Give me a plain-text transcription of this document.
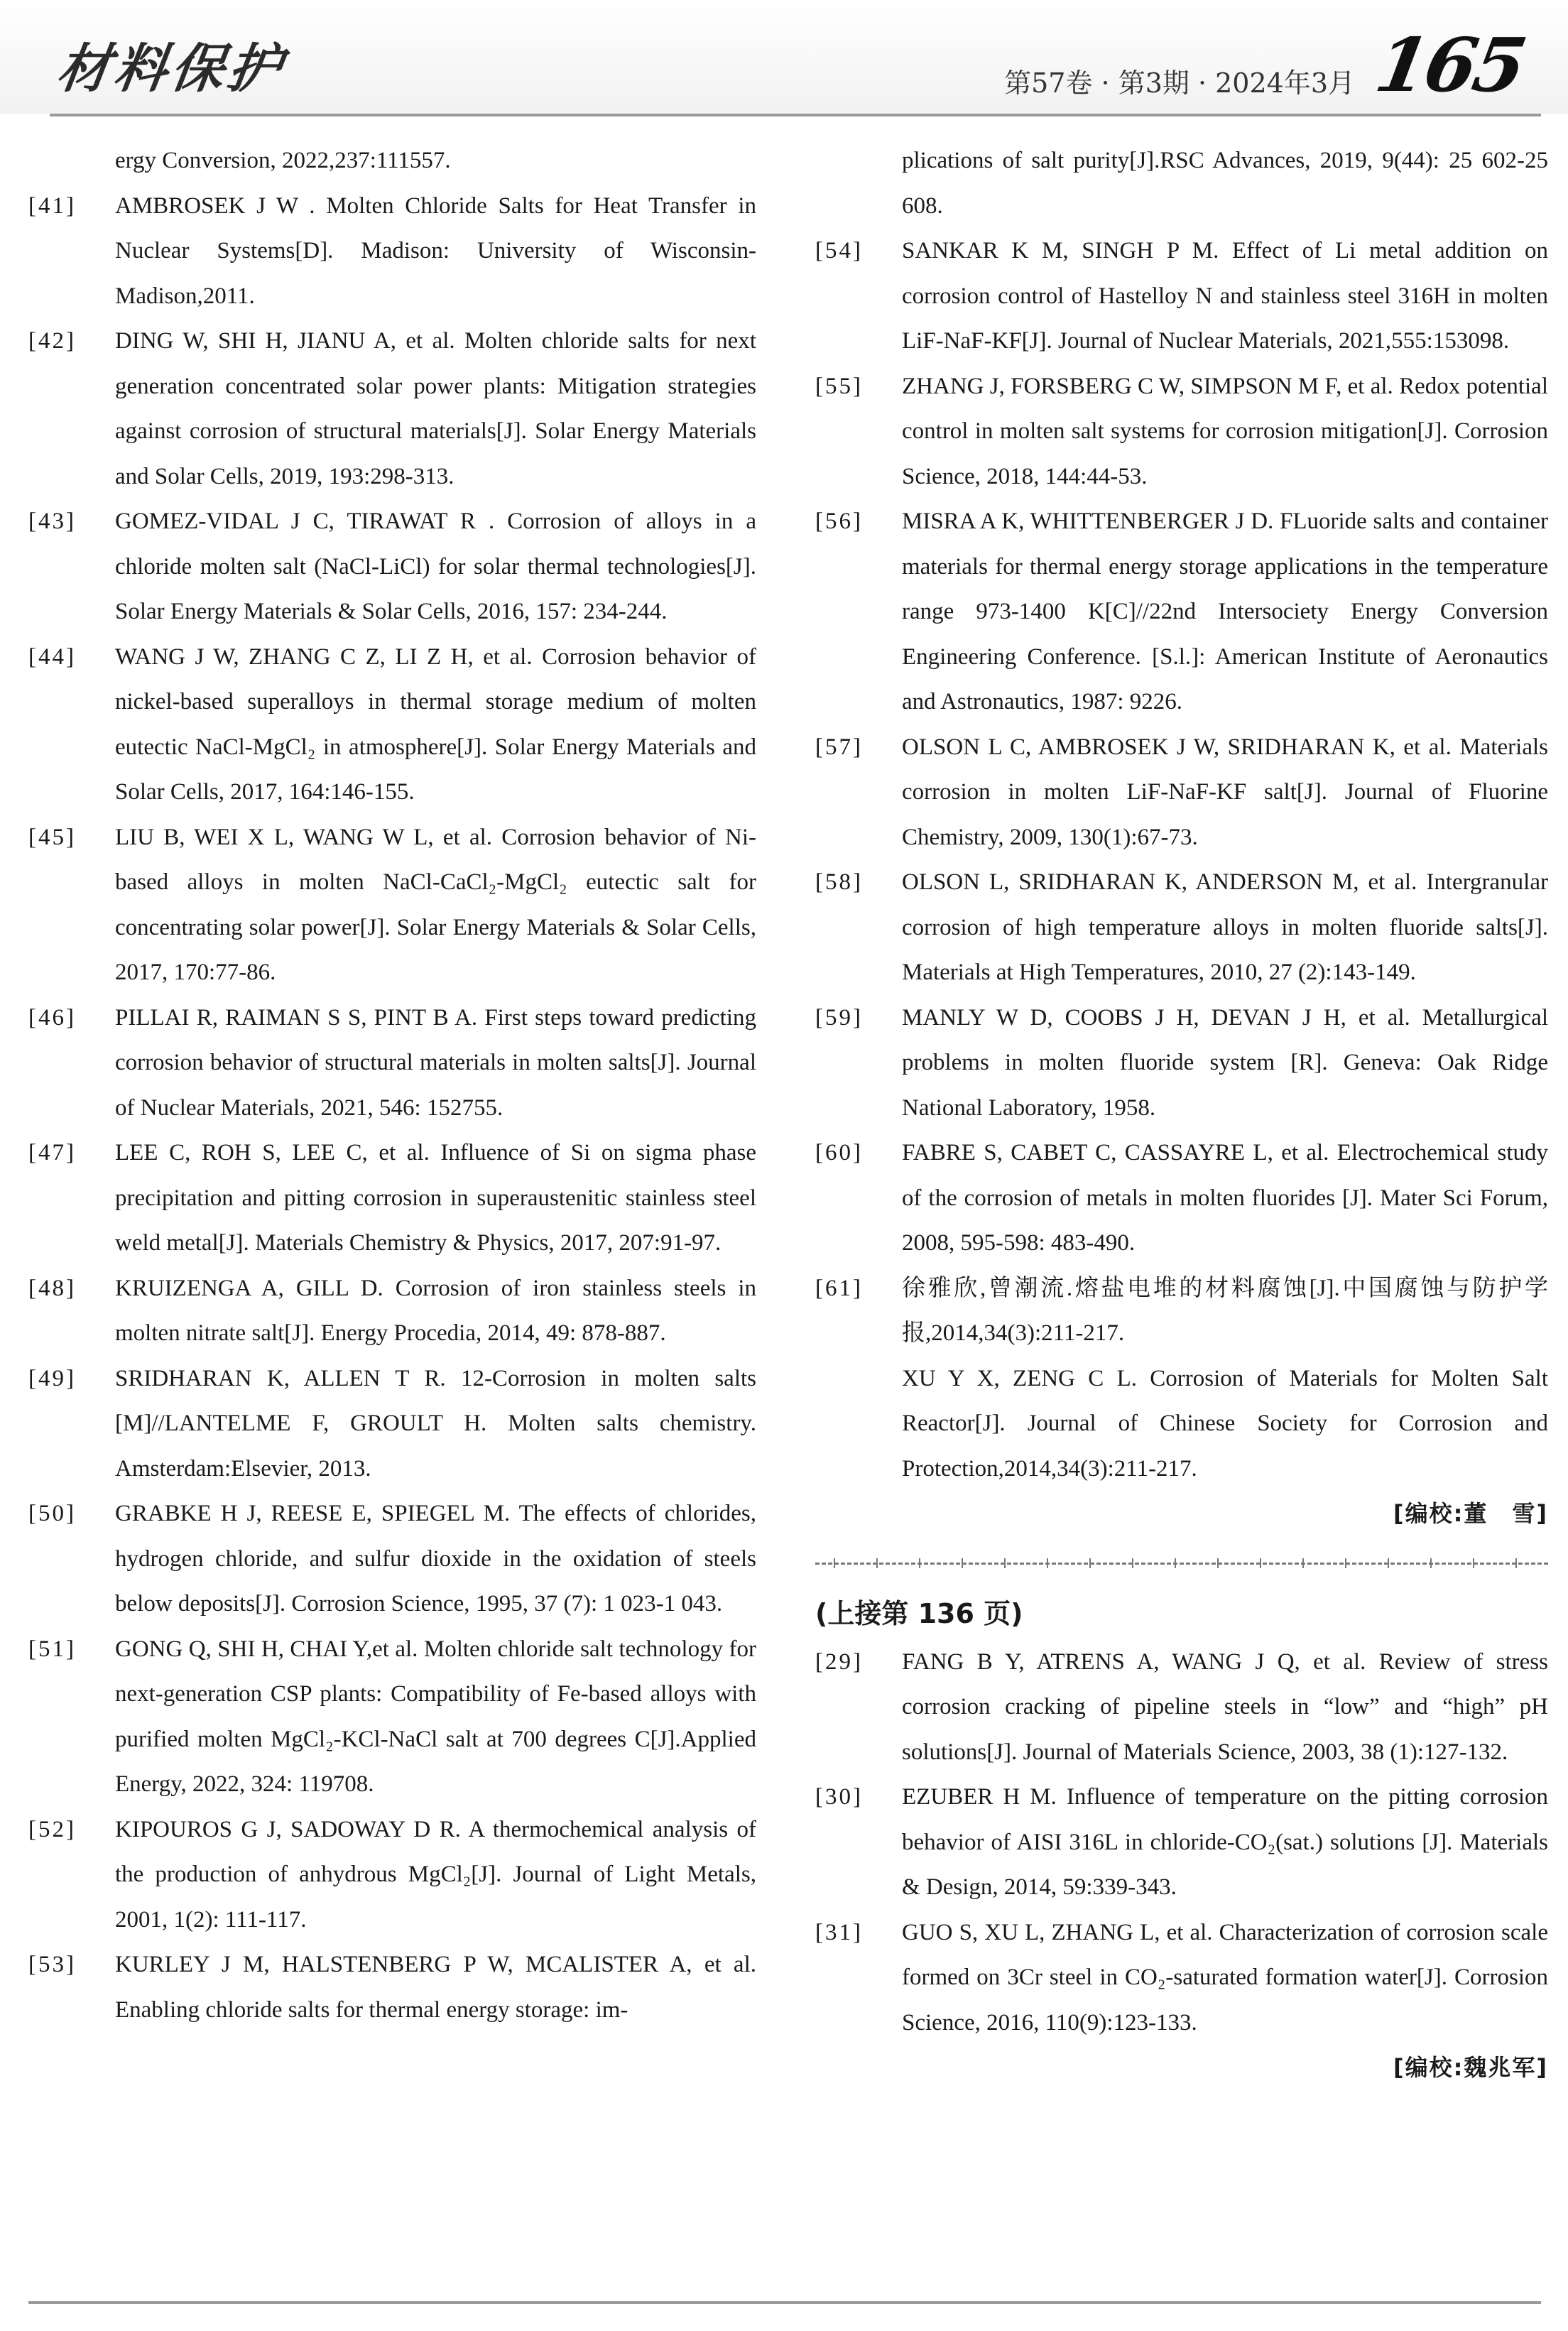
材料保护	第57卷 · 第3期 · 2024年3月 165
ergy Conversion, 2022,237:111557.
[41]	AMBROSEK J W . Molten Chloride Salts for Heat Transfer in Nuclear Systems[D]. Madison: University of Wisconsin-Madison,2011.
[42]	DING W, SHI H, JIANU A, et al. Molten chloride salts for next generation concentrated solar power plants: Mitigation strategies against corrosion of structural materials[J]. Solar Energy Materials and Solar Cells, 2019, 193:298-313.
[43]	GOMEZ-VIDAL J C, TIRAWAT R . Corrosion of alloys in a chloride molten salt (NaCl-LiCl) for solar thermal technologies[J]. Solar Energy Materials & Solar Cells, 2016, 157: 234-244.
[44]	WANG J W, ZHANG C Z, LI Z H, et al. Corrosion behavior of nickel-based superalloys in thermal storage medium of molten eutectic NaCl-MgCl₂ in atmosphere[J]. Solar Energy Materials and Solar Cells, 2017, 164:146-155.
[45]	LIU B, WEI X L, WANG W L, et al. Corrosion behavior of Ni-based alloys in molten NaCl-CaCl₂-MgCl₂ eutectic salt for concentrating solar power[J]. Solar Energy Materials & Solar Cells, 2017, 170:77-86.
[46]	PILLAI R, RAIMAN S S, PINT B A. First steps toward predicting corrosion behavior of structural materials in molten salts[J]. Journal of Nuclear Materials, 2021, 546: 152755.
[47]	LEE C, ROH S, LEE C, et al. Influence of Si on sigma phase precipitation and pitting corrosion in superaustenitic stainless steel weld metal[J]. Materials Chemistry & Physics, 2017, 207:91-97.
[48]	KRUIZENGA A, GILL D. Corrosion of iron stainless steels in molten nitrate salt[J]. Energy Procedia, 2014, 49: 878-887.
[49]	SRIDHARAN K, ALLEN T R. 12-Corrosion in molten salts [M]//LANTELME F, GROULT H. Molten salts chemistry. Amsterdam:Elsevier, 2013.
[50]	GRABKE H J, REESE E, SPIEGEL M. The effects of chlorides, hydrogen chloride, and sulfur dioxide in the oxidation of steels below deposits[J]. Corrosion Science, 1995, 37 (7): 1 023-1 043.
[51]	GONG Q, SHI H, CHAI Y,et al. Molten chloride salt technology for next-generation CSP plants: Compatibility of Fe-based alloys with purified molten MgCl₂-KCl-NaCl salt at 700 degrees C[J].Applied Energy, 2022, 324: 119708.
[52]	KIPOUROS G J, SADOWAY D R. A thermochemical analysis of the production of anhydrous MgCl₂[J]. Journal of Light Metals, 2001, 1(2): 111-117.
[53]	KURLEY J M, HALSTENBERG P W, MCALISTER A, et al. Enabling chloride salts for thermal energy storage: im-
plications of salt purity[J].RSC Advances, 2019, 9(44): 25 602-25 608.
[54]	SANKAR K M, SINGH P M. Effect of Li metal addition on corrosion control of Hastelloy N and stainless steel 316H in molten LiF-NaF-KF[J]. Journal of Nuclear Materials, 2021,555:153098.
[55]	ZHANG J, FORSBERG C W, SIMPSON M F, et al. Redox potential control in molten salt systems for corrosion mitigation[J]. Corrosion Science, 2018, 144:44-53.
[56]	MISRA A K, WHITTENBERGER J D. FLuoride salts and container materials for thermal energy storage applications in the temperature range 973-1400 K[C]//22nd Intersociety Energy Conversion Engineering Conference. [S.l.]: American Institute of Aeronautics and Astronautics, 1987: 9226.
[57]	OLSON L C, AMBROSEK J W, SRIDHARAN K, et al. Materials corrosion in molten LiF-NaF-KF salt[J]. Journal of Fluorine Chemistry, 2009, 130(1):67-73.
[58]	OLSON L, SRIDHARAN K, ANDERSON M, et al. Intergranular corrosion of high temperature alloys in molten fluoride salts[J]. Materials at High Temperatures, 2010, 27 (2):143-149.
[59]	MANLY W D, COOBS J H, DEVAN J H, et al. Metallurgical problems in molten fluoride system [R]. Geneva: Oak Ridge National Laboratory, 1958.
[60]	FABRE S, CABET C, CASSAYRE L, et al. Electrochemical study of the corrosion of metals in molten fluorides [J]. Mater Sci Forum, 2008, 595-598: 483-490.
[61]	徐雅欣,曾潮流.熔盐电堆的材料腐蚀[J].中国腐蚀与防护学报,2014,34(3):211-217.
XU Y X, ZENG C L. Corrosion of Materials for Molten Salt Reactor[J]. Journal of Chinese Society for Corrosion and Protection,2014,34(3):211-217.
[编校:董　雪]
(上接第 136 页)
[29]	FANG B Y, ATRENS A, WANG J Q, et al. Review of stress corrosion cracking of pipeline steels in “low” and “high” pH solutions[J]. Journal of Materials Science, 2003, 38 (1):127-132.
[30]	EZUBER H M. Influence of temperature on the pitting corrosion behavior of AISI 316L in chloride-CO₂(sat.) solutions [J]. Materials & Design, 2014, 59:339-343.
[31]	GUO S, XU L, ZHANG L, et al. Characterization of corrosion scale formed on 3Cr steel in CO₂-saturated formation water[J]. Corrosion Science, 2016, 110(9):123-133.
[编校:魏兆军]
